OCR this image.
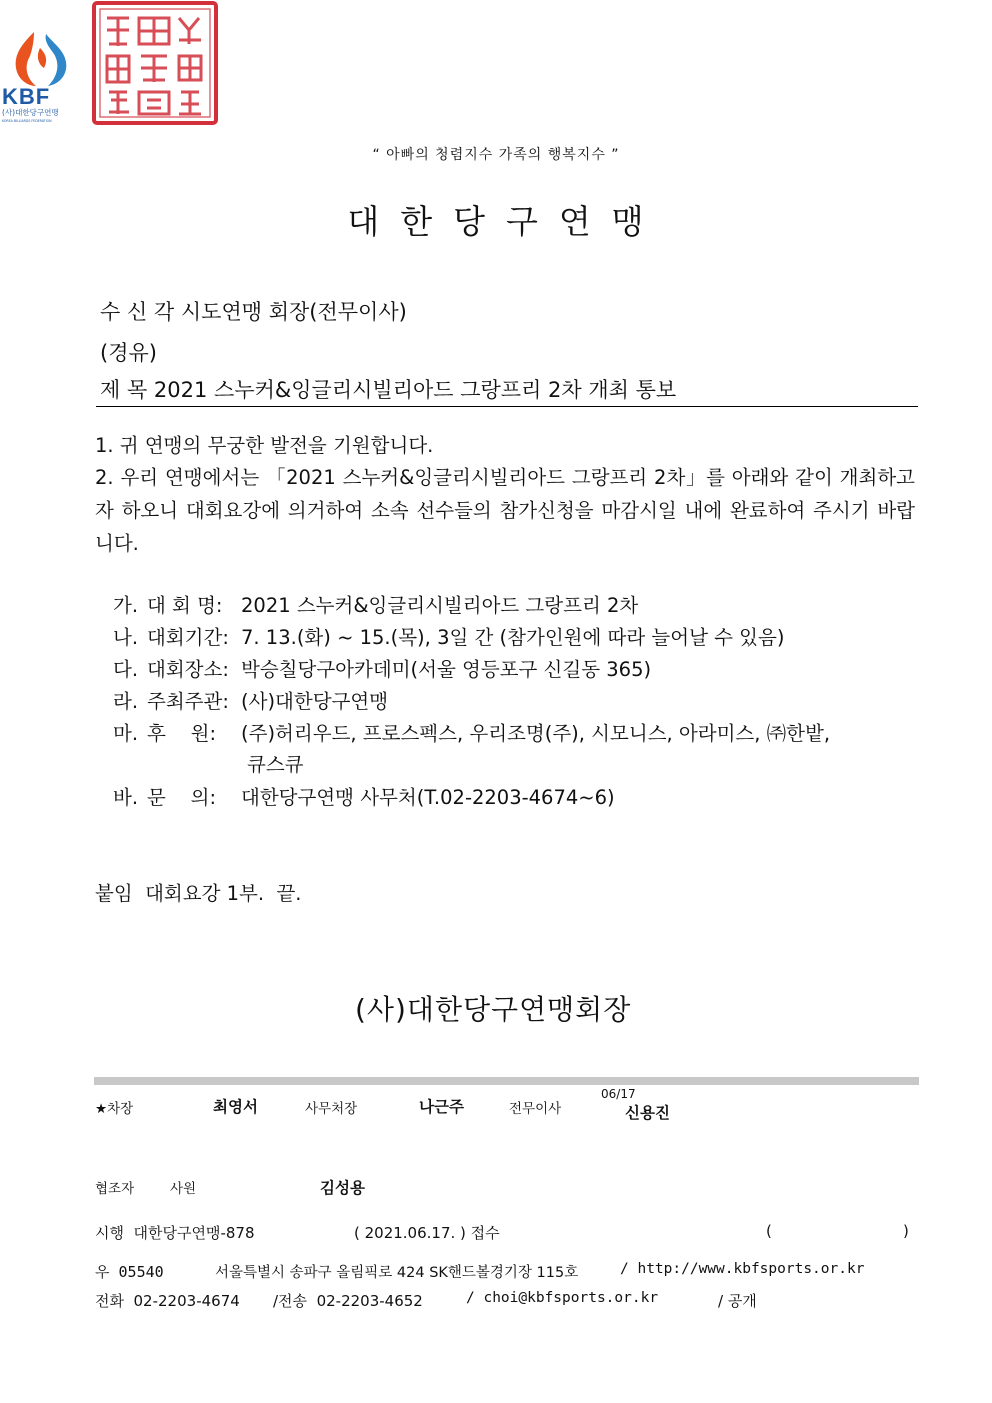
“ 아빠의 청렴지수 가족의 행복지수 ”
KBF
(사)대한당구연맹
KOREA BILLIARDS FEDERATION

대한당구연맹
수 신 각 시도연맹 회장(전무이사)
(경유)
제 목 2021 스누커&잉글리시빌리아드 그랑프리 2차 개최 통보
1. 귀 연맹의 무궁한 발전을 기원합니다.
2. 우리 연맹에서는 「2021 스누커&잉글리시빌리아드 그랑프리 2차」를 아래와 같이 개최하고자 하오니 대회요강에 의거하여 소속 선수들의 참가신청을 마감시일 내에 완료하여 주시기 바랍니다.
가. 대 회 명: 2021 스누커&잉글리시빌리아드 그랑프리 2차
나. 대회기간: 7. 13.(화) ~ 15.(목), 3일 간 (참가인원에 따라 늘어날 수 있음)
다. 대회장소: 박승칠당구아카데미(서울 영등포구 신길동 365)
라. 주최주관: (사)대한당구연맹
마. 후    원: (주)허리우드, 프로스펙스, 우리조명(주), 시모니스, 아라미스, ㈜한밭,
큐스큐
바. 문    의: 대한당구연맹 사무처(T.02-2203-4674~6)
붙임  대회요강 1부.  끝.
(사)대한당구연맹회장
★차장	최영서	사무처장	나근주	전무이사
06/17
신용진
협조자	사원	김성용
시행  대한당구연맹-878	( 2021.06.17. ) 접수	(	)
우 05540	서울특별시 송파구 올림픽로 424 SK핸드볼경기장 115호	/ http://www.kbfsports.or.kr
전화  02-2203-4674 /전송  02-2203-4652	/ choi@kbfsports.or.kr	/ 공개
